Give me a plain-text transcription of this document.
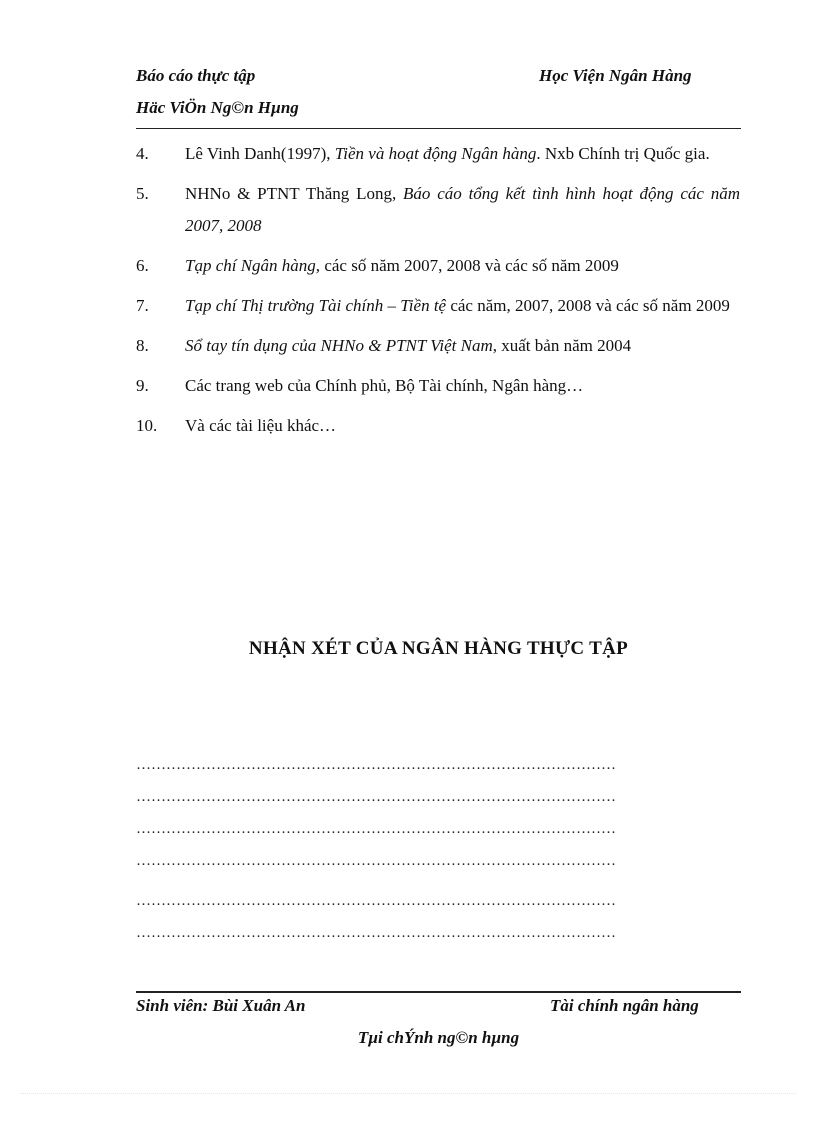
Báo cáo thực tập	Học Viện Ngân Hàng
Häc ViÖn Ng©n Hµng
4. Lê Vinh Danh(1997), Tiền và hoạt động Ngân hàng. Nxb Chính trị Quốc gia.
5. NHNo & PTNT Thăng Long, Báo cáo tổng kết tình hình hoạt động các năm 2007, 2008
6. Tạp chí Ngân hàng, các số năm 2007, 2008 và các số năm 2009
7. Tạp chí Thị trường Tài chính – Tiền tệ các năm, 2007, 2008 và các số năm 2009
8. Sổ tay tín dụng của NHNo & PTNT Việt Nam, xuất bản năm 2004
9. Các trang web của Chính phủ, Bộ Tài chính, Ngân hàng…
10. Và các tài liệu khác…
NHẬN XÉT CỦA NGÂN HÀNG THỰC TẬP
……………………………………………………………………………………
……………………………………………………………………………………
……………………………………………………………………………………
……………………………………………………………………………………
……………………………………………………………………………………
……………………………………………………………………………………
Sinh viên: Bùi Xuân An	Tài chính ngân hàng
Tµi chÝnh ng©n hµng
